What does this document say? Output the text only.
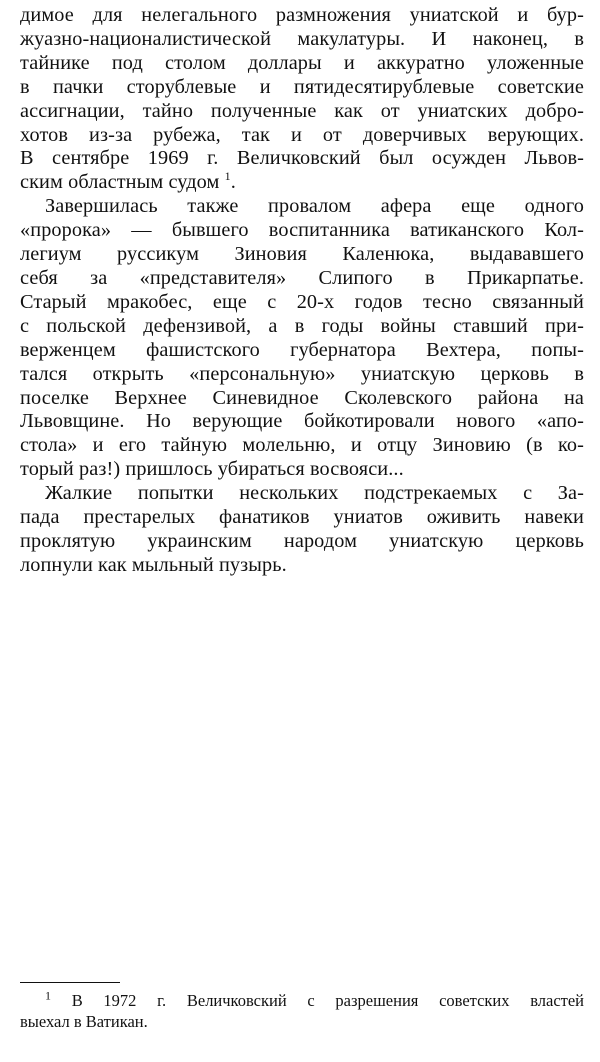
димое для нелегального размножения униатской и бур-
жуазно-националистической макулатуры. И наконец, в
тайнике под столом доллары и аккуратно уложенные
в пачки сторублевые и пятидесятирублевые советские
ассигнации, тайно полученные как от униатских добро-
хотов из-за рубежа, так и от доверчивых верующих.
В сентябре 1969 г. Величковский был осужден Львов-
ским областным судом $^1$.

Завершилась также провалом афера еще одного
«пророка» — бывшего воспитанника ватиканского Кол-
легиум руссикум Зиновия Каленюка, выдававшего
себя за «представителя» Слипого в Прикарпатье.
Старый мракобес, еще с 20-х годов тесно связанный
с польской дефензивой, а в годы войны ставший при-
верженцем фашистского губернатора Вехтера, попы-
тался открыть «персональную» униатскую церковь в
поселке Верхнее Синевидное Сколевского района на
Львовщине. Но верующие бойкотировали нового «апо-
стола» и его тайную молельню, и отцу Зиновию (в ко-
торый раз!) пришлось убираться восвояси...

Жалкие попытки нескольких подстрекаемых с За-
пада престарелых фанатиков униатов оживить навеки
проклятую украинским народом униатскую церковь
лопнули как мыльный пузырь.

$^1$ В 1972 г. Величковский с разрешения советских властей
выехал в Ватикан.
